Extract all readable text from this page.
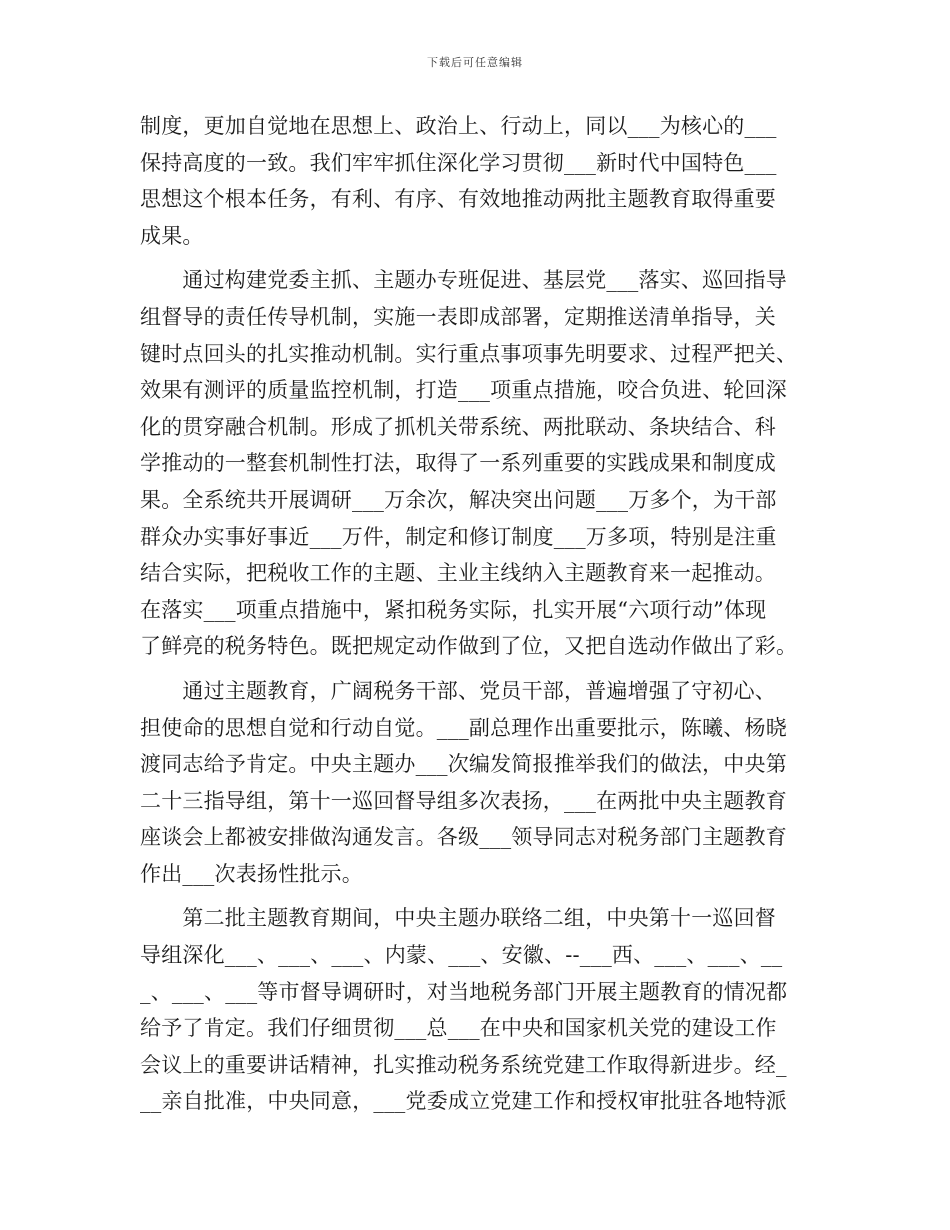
下载后可任意编辑
制度，更加自觉地在思想上、政治上、行动上，同以___为核心的___
保持高度的一致。我们牢牢抓住深化学习贯彻___新时代中国特色___
思想这个根本任务，有利、有序、有效地推动两批主题教育取得重要
成果。
　　通过构建党委主抓、主题办专班促进、基层党___落实、巡回指导
组督导的责任传导机制，实施一表即成部署，定期推送清单指导，关
键时点回头的扎实推动机制。实行重点事项事先明要求、过程严把关、
效果有测评的质量监控机制，打造___项重点措施，咬合负进、轮回深
化的贯穿融合机制。形成了抓机关带系统、两批联动、条块结合、科
学推动的一整套机制性打法，取得了一系列重要的实践成果和制度成
果。全系统共开展调研___万余次，解决突出问题___万多个，为干部
群众办实事好事近___万件，制定和修订制度___万多项，特别是注重
结合实际，把税收工作的主题、主业主线纳入主题教育来一起推动。
在落实___项重点措施中，紧扣税务实际，扎实开展“六项行动”体现
了鲜亮的税务特色。既把规定动作做到了位，又把自选动作做出了彩。
　　通过主题教育，广阔税务干部、党员干部，普遍增强了守初心、
担使命的思想自觉和行动自觉。___副总理作出重要批示，陈曦、杨晓
渡同志给予肯定。中央主题办___次编发简报推举我们的做法，中央第
二十三指导组，第十一巡回督导组多次表扬，___在两批中央主题教育
座谈会上都被安排做沟通发言。各级___领导同志对税务部门主题教育
作出___次表扬性批示。
　　第二批主题教育期间，中央主题办联络二组，中央第十一巡回督
导组深化___、___、___、内蒙、___、安徽、--___西、___、___、__
_、___、___等市督导调研时，对当地税务部门开展主题教育的情况都
给予了肯定。我们仔细贯彻___总___在中央和国家机关党的建设工作
会议上的重要讲话精神，扎实推动税务系统党建工作取得新进步。经_
__亲自批准，中央同意，___党委成立党建工作和授权审批驻各地特派
